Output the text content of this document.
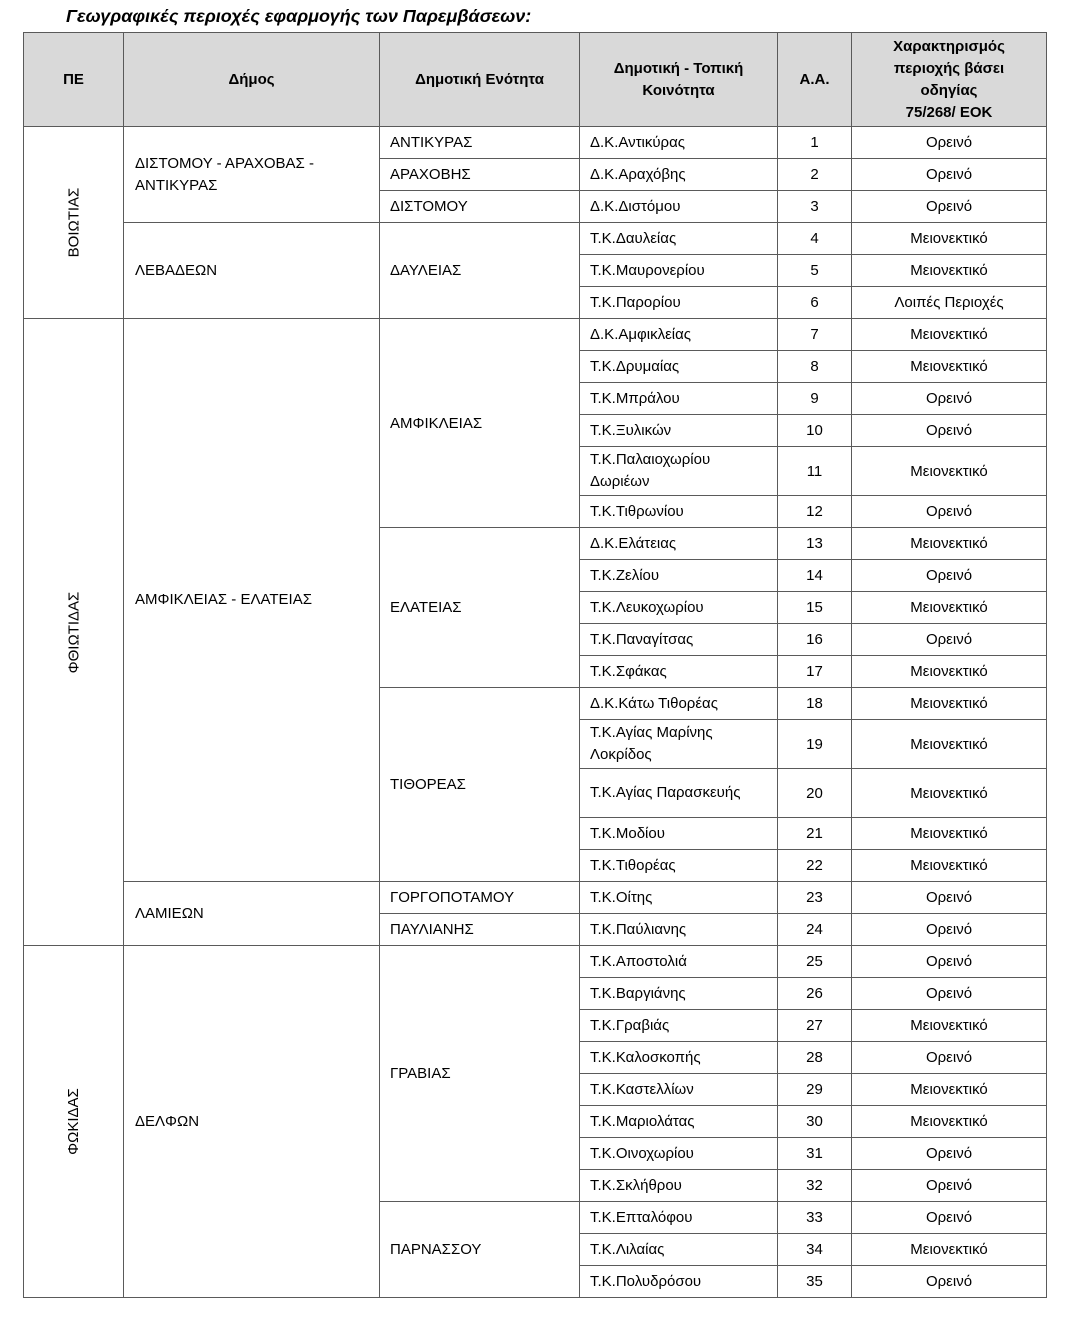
Γεωγραφικές περιοχές εφαρμογής των Παρεμβάσεων:
ΠΕ	Δήμος	Δημοτική Ενότητα	Δημοτική - Τοπική Κοινότητα	Α.Α.	Χαρακτηρισμός
περιοχής βάσει
οδηγίας
75/268/ ΕΟΚ

ΒΟΙΩΤΙΑΣ	ΔΙΣΤΟΜΟΥ - ΑΡΑΧΟΒΑΣ - ΑΝΤΙΚΥΡΑΣ	ΑΝΤΙΚΥΡΑΣ	Δ.Κ.Αντικύρας	1	Ορεινό
		ΑΡΑΧΟΒΗΣ	Δ.Κ.Αραχόβης	2	Ορεινό
		ΔΙΣΤΟΜΟΥ	Δ.Κ.Διστόμου	3	Ορεινό
	ΛΕΒΑΔΕΩΝ	ΔΑΥΛΕΙΑΣ	Τ.Κ.Δαυλείας	4	Μειονεκτικό
			Τ.Κ.Μαυρονερίου	5	Μειονεκτικό
			Τ.Κ.Παρορίου	6	Λοιπές Περιοχές
ΦΘΙΩΤΙΔΑΣ	ΑΜΦΙΚΛΕΙΑΣ - ΕΛΑΤΕΙΑΣ	ΑΜΦΙΚΛΕΙΑΣ	Δ.Κ.Αμφικλείας	7	Μειονεκτικό
			Τ.Κ.Δρυμαίας	8	Μειονεκτικό
			Τ.Κ.Μπράλου	9	Ορεινό
			Τ.Κ.Ξυλικών	10	Ορεινό
			Τ.Κ.Παλαιοχωρίου Δωριέων	11	Μειονεκτικό
			Τ.Κ.Τιθρωνίου	12	Ορεινό
		ΕΛΑΤΕΙΑΣ	Δ.Κ.Ελάτειας	13	Μειονεκτικό
			Τ.Κ.Ζελίου	14	Ορεινό
			Τ.Κ.Λευκοχωρίου	15	Μειονεκτικό
			Τ.Κ.Παναγίτσας	16	Ορεινό
			Τ.Κ.Σφάκας	17	Μειονεκτικό
		ΤΙΘΟΡΕΑΣ	Δ.Κ.Κάτω Τιθορέας	18	Μειονεκτικό
			Τ.Κ.Αγίας Μαρίνης Λοκρίδος	19	Μειονεκτικό
			Τ.Κ.Αγίας Παρασκευής	20	Μειονεκτικό
			Τ.Κ.Μοδίου	21	Μειονεκτικό
			Τ.Κ.Τιθορέας	22	Μειονεκτικό
	ΛΑΜΙΕΩΝ	ΓΟΡΓΟΠΟΤΑΜΟΥ	Τ.Κ.Οίτης	23	Ορεινό
		ΠΑΥΛΙΑΝΗΣ	Τ.Κ.Παύλιανης	24	Ορεινό
ΦΩΚΙΔΑΣ	ΔΕΛΦΩΝ	ΓΡΑΒΙΑΣ	Τ.Κ.Αποστολιά	25	Ορεινό
			Τ.Κ.Βαργιάνης	26	Ορεινό
			Τ.Κ.Γραβιάς	27	Μειονεκτικό
			Τ.Κ.Καλοσκοπής	28	Ορεινό
			Τ.Κ.Καστελλίων	29	Μειονεκτικό
			Τ.Κ.Μαριολάτας	30	Μειονεκτικό
			Τ.Κ.Οινοχωρίου	31	Ορεινό
			Τ.Κ.Σκλήθρου	32	Ορεινό
		ΠΑΡΝΑΣΣΟΥ	Τ.Κ.Επταλόφου	33	Ορεινό
			Τ.Κ.Λιλαίας	34	Μειονεκτικό
			Τ.Κ.Πολυδρόσου	35	Ορεινό
